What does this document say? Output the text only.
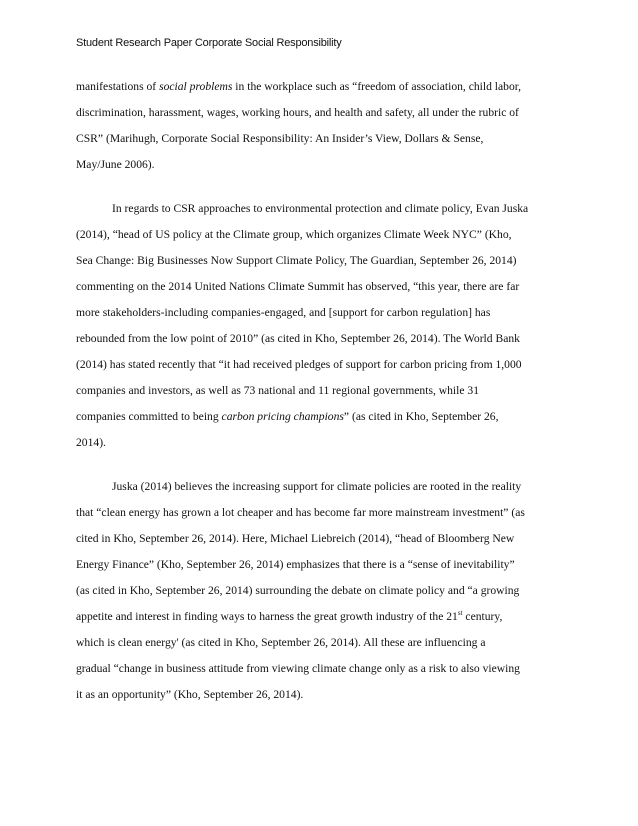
Student Research Paper Corporate Social Responsibility

manifestations of social problems in the workplace such as “freedom of association, child labor,
discrimination, harassment, wages, working hours, and health and safety, all under the rubric of
CSR” (Marihugh, Corporate Social Responsibility: An Insider’s View, Dollars & Sense,
May/June 2006).

In regards to CSR approaches to environmental protection and climate policy, Evan Juska
(2014), “head of US policy at the Climate group, which organizes Climate Week NYC” (Kho,
Sea Change: Big Businesses Now Support Climate Policy, The Guardian, September 26, 2014)
commenting on the 2014 United Nations Climate Summit has observed, “this year, there are far
more stakeholders-including companies-engaged, and [support for carbon regulation] has
rebounded from the low point of 2010” (as cited in Kho, September 26, 2014). The World Bank
(2014) has stated recently that “it had received pledges of support for carbon pricing from 1,000
companies and investors, as well as 73 national and 11 regional governments, while 31
companies committed to being carbon pricing champions” (as cited in Kho, September 26,
2014).

Juska (2014) believes the increasing support for climate policies are rooted in the reality
that “clean energy has grown a lot cheaper and has become far more mainstream investment” (as
cited in Kho, September 26, 2014). Here, Michael Liebreich (2014), “head of Bloomberg New
Energy Finance” (Kho, September 26, 2014) emphasizes that there is a “sense of inevitability”
(as cited in Kho, September 26, 2014) surrounding the debate on climate policy and “a growing
appetite and interest in finding ways to harness the great growth industry of the 21st century,
which is clean energy' (as cited in Kho, September 26, 2014). All these are influencing a
gradual “change in business attitude from viewing climate change only as a risk to also viewing
it as an opportunity” (Kho, September 26, 2014).
